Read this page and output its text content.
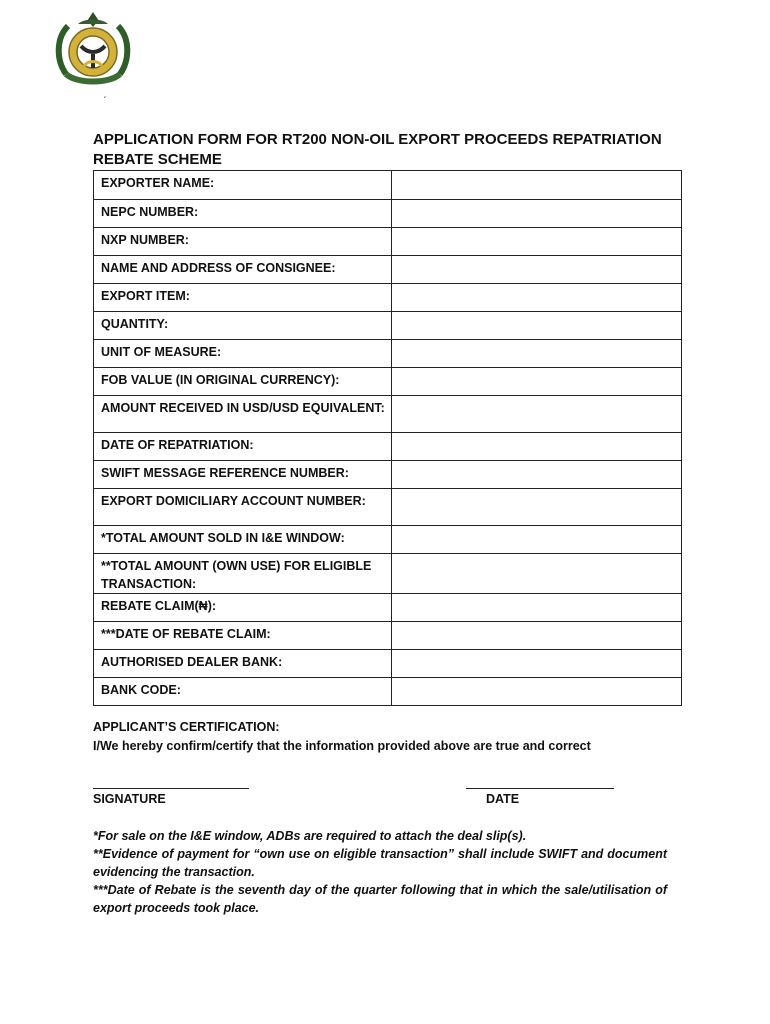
ˊ
APPLICATION FORM FOR RT200 NON-OIL EXPORT PROCEEDS REPATRIATION REBATE SCHEME
EXPORTER NAME:	
NEPC NUMBER:	
NXP NUMBER:	
NAME AND ADDRESS OF CONSIGNEE:	
EXPORT ITEM:	
QUANTITY:	
UNIT OF MEASURE:	
FOB VALUE (IN ORIGINAL CURRENCY):	
AMOUNT RECEIVED IN USD/USD EQUIVALENT:	
DATE OF REPATRIATION:	
SWIFT MESSAGE REFERENCE NUMBER:	
EXPORT DOMICILIARY ACCOUNT NUMBER:	
*TOTAL AMOUNT SOLD IN I&E WINDOW:	
**TOTAL AMOUNT (OWN USE) FOR ELIGIBLE TRANSACTION:	
REBATE CLAIM(₦):	
***DATE OF REBATE CLAIM:	
AUTHORISED DEALER BANK:	
BANK CODE:	
APPLICANT’S CERTIFICATION:
I/We hereby confirm/certify that the information provided above are true and correct
SIGNATURE	DATE

*For sale on the I&E window, ADBs are required to attach the deal slip(s).

**Evidence of payment for “own use on eligible transaction” shall include SWIFT and document evidencing the transaction.

***Date of Rebate is the seventh day of the quarter following that in which the sale/utilisation of export proceeds took place.
